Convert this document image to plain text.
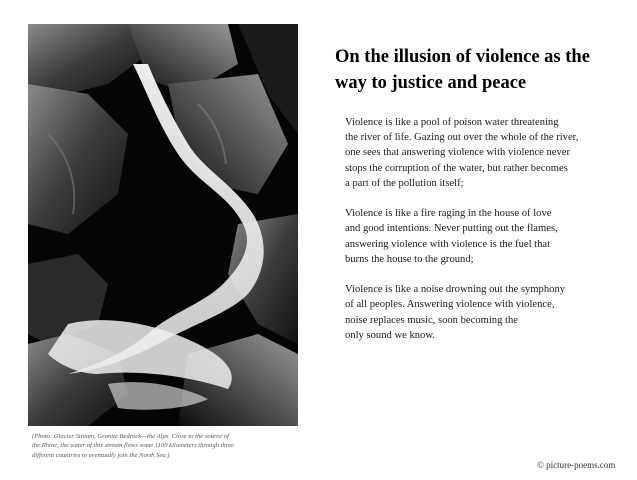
(Photo: Glacier Stream, Granite Bedrock—the Alps. Close to the source of
the Rhine, the water of this stream flows some 1100 kilometers through three
different countries to eventually join the North Sea.)
On the illusion of violence as the
way to justice and peace
Violence is like a pool of poison water threatening
the river of life. Gazing out over the whole of the river,
one sees that answering violence with violence never
stops the corruption of the water, but rather becomes
a part of the pollution itself;
Violence is like a fire raging in the house of love
and good intentions. Never putting out the flames,
answering violence with violence is the fuel that
burns the house to the ground;
Violence is like a noise drowning out the symphony
of all peoples. Answering violence with violence,
noise replaces music, soon becoming the
only sound we know.
© picture-poems.com
